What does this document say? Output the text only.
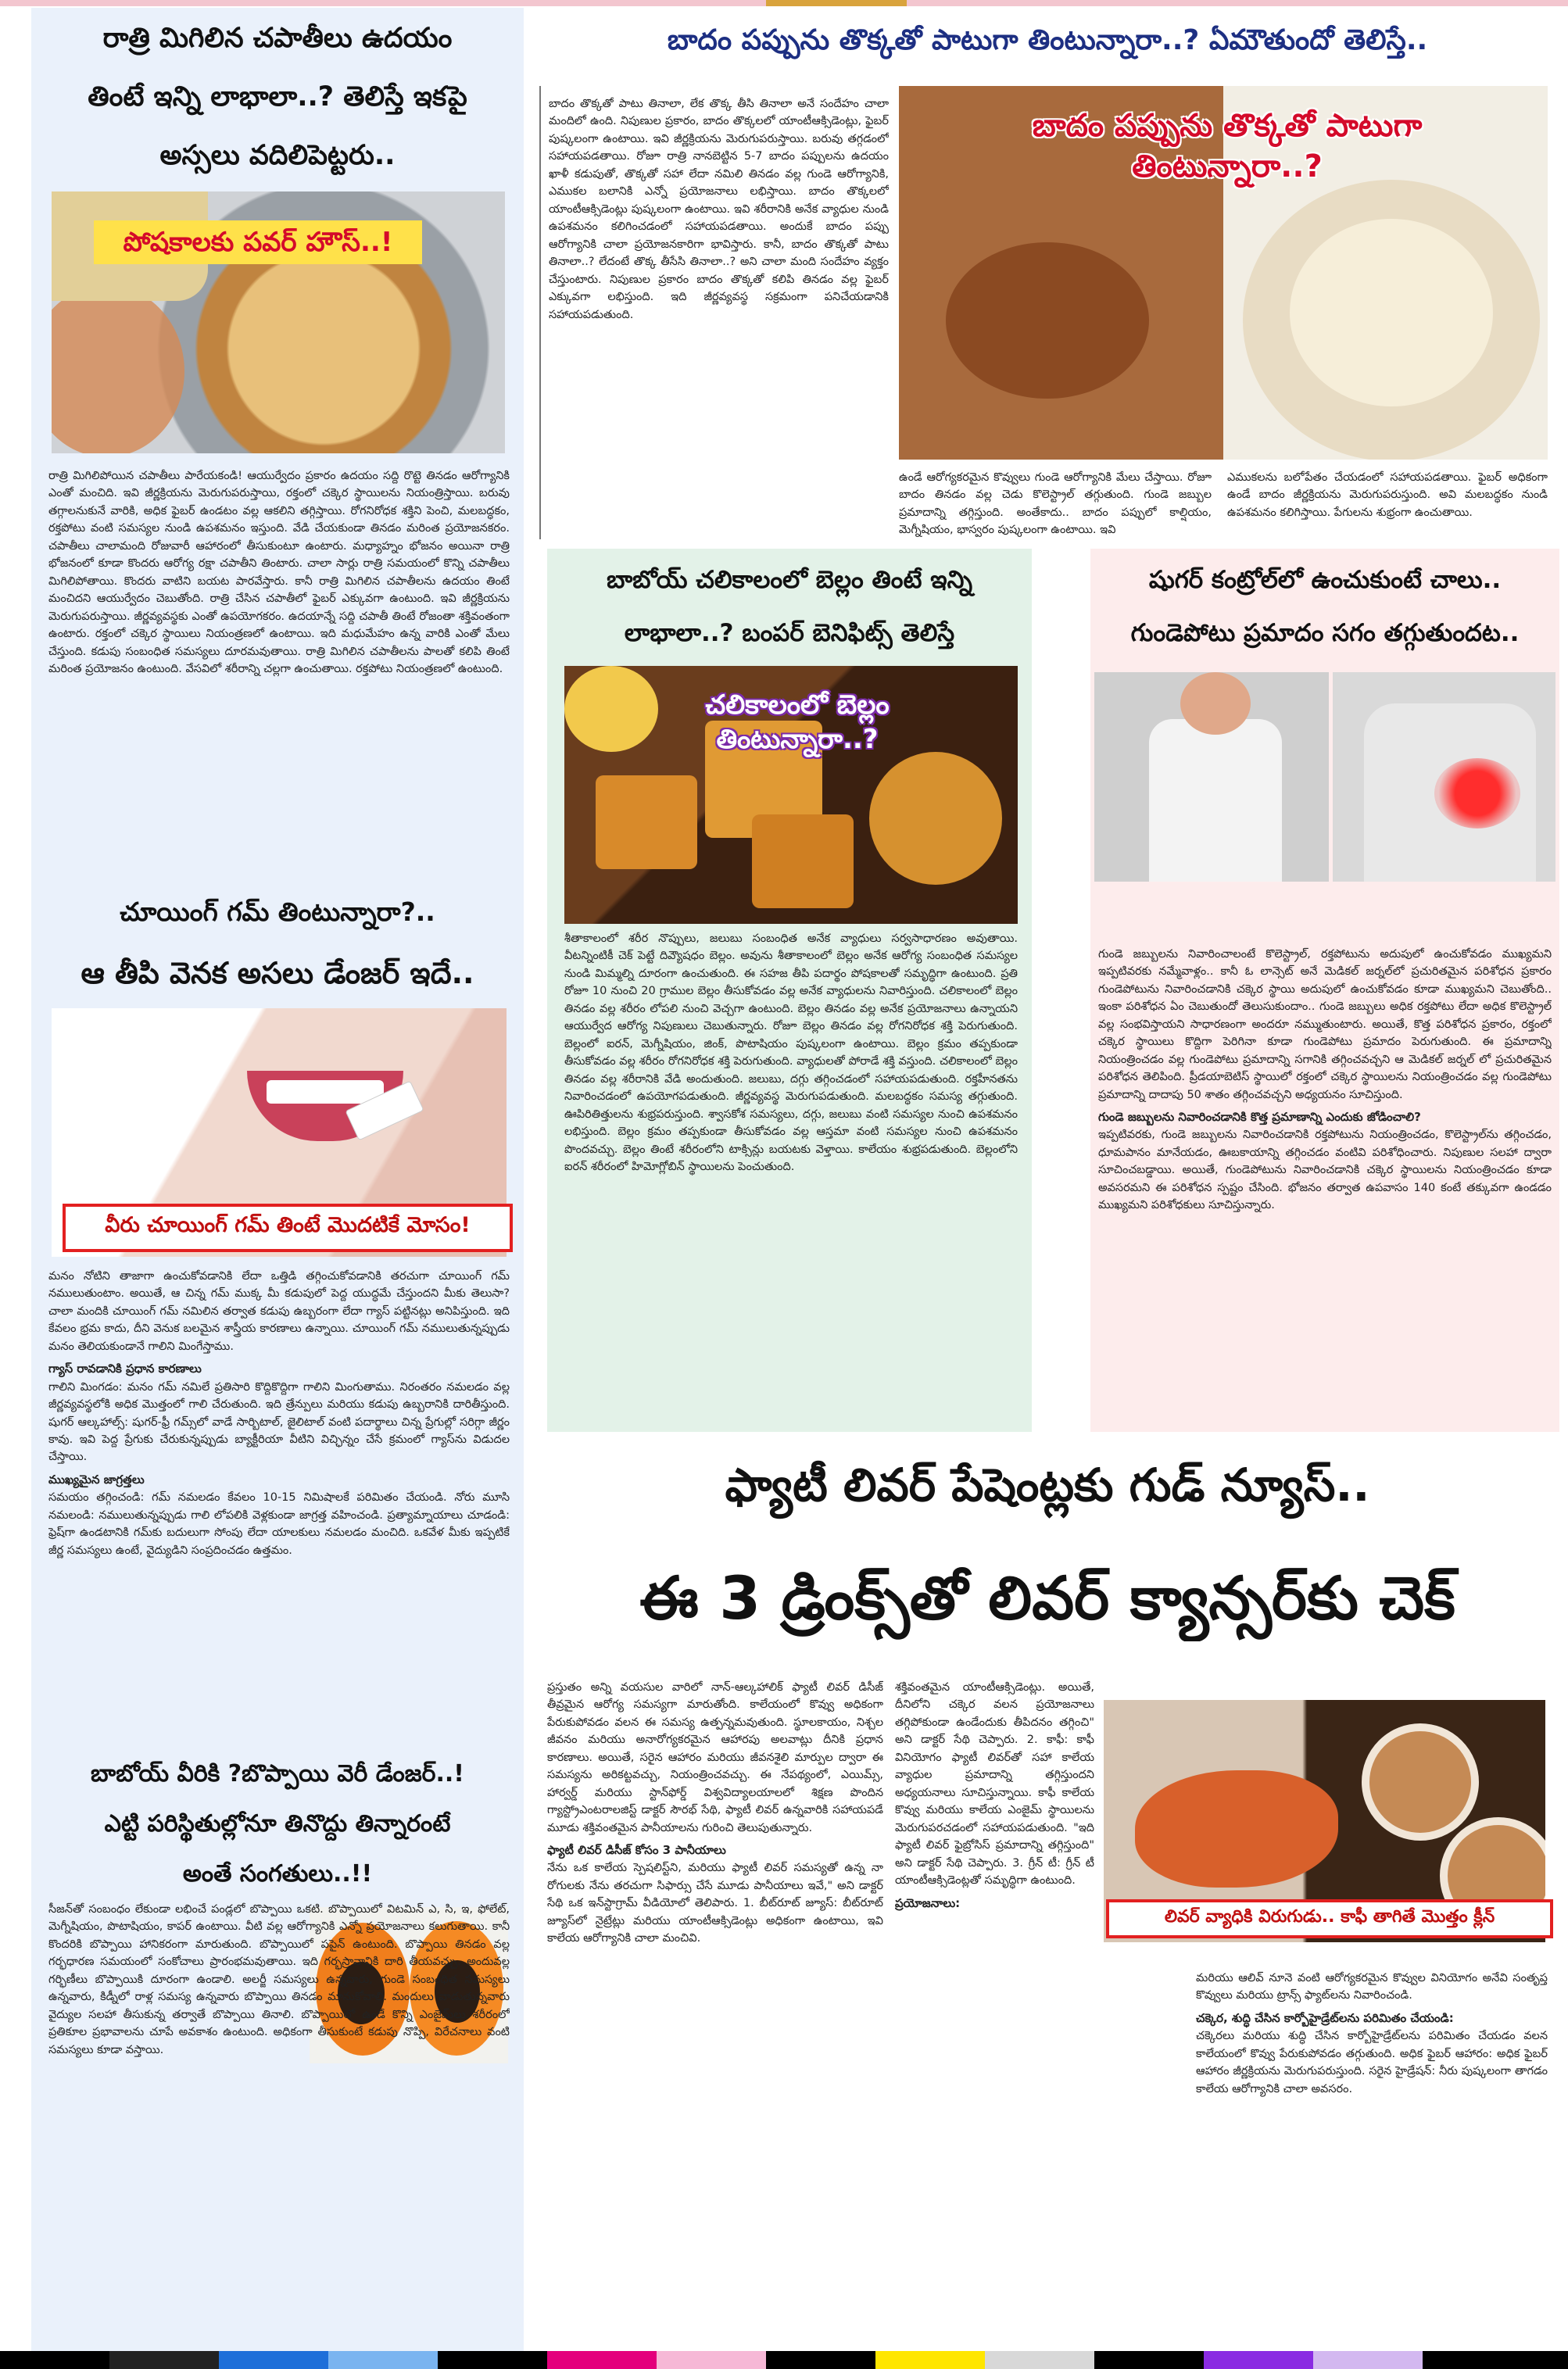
రాత్రి మిగిలిన చపాతీలు ఉదయం
తింటే ఇన్ని లాభాలా..? తెలిస్తే ఇకపై
అస్సలు వదిలిపెట్టరు..
పోషకాలకు పవర్ హౌస్..!
రాత్రి మిగిలిపోయిన చపాతీలు పారేయకండి! ఆయుర్వేదం ప్రకారం ఉదయం సద్ది రొట్టె తినడం ఆరోగ్యానికి ఎంతో మంచిది. ఇవి జీర్ణక్రియను మెరుగుపరుస్తాయి, రక్తంలో చక్కెర స్థాయిలను నియంత్రిస్తాయి. బరువు తగ్గాలనుకునే వారికి, అధిక ఫైబర్ ఉండటం వల్ల ఆకలిని తగ్గిస్తాయి. రోగనిరోధక శక్తిని పెంచి, మలబద్ధకం, రక్తపోటు వంటి సమస్యల నుండి ఉపశమనం ఇస్తుంది. వేడి చేయకుండా తినడం మరింత ప్రయోజనకరం. చపాతీలు చాలామంది రోజువారీ ఆహారంలో తీసుకుంటూ ఉంటారు. మధ్యాహ్నం భోజనం అయినా రాత్రి భోజనంలో కూడా కొందరు ఆరోగ్య రక్షా చపాతీని తింటారు. చాలా సార్లు రాత్రి సమయంలో కొన్ని చపాతీలు మిగిలిపోతాయి. కొందరు వాటిని బయట పారవేస్తారు. కానీ రాత్రి మిగిలిన చపాతీలను ఉదయం తింటే మంచిదని ఆయుర్వేదం చెబుతోంది. రాత్రి చేసిన చపాతీలో ఫైబర్ ఎక్కువగా ఉంటుంది. ఇవి జీర్ణక్రియను మెరుగుపరుస్తాయి. జీర్ణవ్యవస్థకు ఎంతో ఉపయోగకరం. ఉదయాన్నే సద్ది చపాతీ తింటే రోజంతా శక్తివంతంగా ఉంటారు. రక్తంలో చక్కెర స్థాయిలు నియంత్రణలో ఉంటాయి. ఇది మధుమేహం ఉన్న వారికి ఎంతో మేలు చేస్తుంది. కడుపు సంబంధిత సమస్యలు దూరమవుతాయి. రాత్రి మిగిలిన చపాతీలను పాలతో కలిపి తింటే మరింత ప్రయోజనం ఉంటుంది. వేసవిలో శరీరాన్ని చల్లగా ఉంచుతాయి. రక్తపోటు నియంత్రణలో ఉంటుంది.
చూయింగ్ గమ్ తింటున్నారా?..
ఆ తీపి వెనక అసలు డేంజర్ ఇదే..
వీరు చూయింగ్ గమ్ తింటే మొదటికే మోసం!
మనం నోటిని తాజాగా ఉంచుకోవడానికి లేదా ఒత్తిడి తగ్గించుకోవడానికి తరచుగా చూయింగ్ గమ్ నములుతుంటాం. అయితే, ఆ చిన్న గమ్ ముక్క మీ కడుపులో పెద్ద యుద్ధమే చేస్తుందని మీకు తెలుసా? చాలా మందికి చూయింగ్ గమ్ నమిలిన తర్వాత కడుపు ఉబ్బరంగా లేదా గ్యాస్ పట్టినట్లు అనిపిస్తుంది. ఇది కేవలం భ్రమ కాదు, దీని వెనుక బలమైన శాస్త్రీయ కారణాలు ఉన్నాయి. చూయింగ్ గమ్ నములుతున్నప్పుడు మనం తెలియకుండానే గాలిని మింగేస్తాము.
గ్యాస్ రావడానికి ప్రధాన కారణాలు
గాలిని మింగడం: మనం గమ్ నమిలే ప్రతిసారి కొద్దికొద్దిగా గాలిని మింగుతాము. నిరంతరం నమలడం వల్ల జీర్ణవ్యవస్థలోకి అధిక మొత్తంలో గాలి చేరుతుంది. ఇది త్రేన్పులు మరియు కడుపు ఉబ్బరానికి దారితీస్తుంది. షుగర్ ఆల్కహాల్స్: షుగర్-ఫ్రీ గమ్స్‌లో వాడే సార్బిటాల్, జైలిటాల్ వంటి పదార్థాలు చిన్న ప్రేగుల్లో సరిగ్గా జీర్ణం కావు. ఇవి పెద్ద ప్రేగుకు చేరుకున్నప్పుడు బ్యాక్టీరియా వీటిని విచ్ఛిన్నం చేసే క్రమంలో గ్యాస్‌ను విడుదల చేస్తాయి.
ముఖ్యమైన జాగ్రత్తలు
సమయం తగ్గించండి: గమ్ నమలడం కేవలం 10-15 నిమిషాలకే పరిమితం చేయండి. నోరు మూసి నమలండి: నములుతున్నప్పుడు గాలి లోపలికి వెళ్లకుండా జాగ్రత్త వహించండి. ప్రత్యామ్నాయాలు చూడండి: ఫ్రెష్‌గా ఉండటానికి గమ్‌కు బదులుగా సోంపు లేదా యాలకులు నమలడం మంచిది. ఒకవేళ మీకు ఇప్పటికే జీర్ణ సమస్యలు ఉంటే, వైద్యుడిని సంప్రదించడం ఉత్తమం.
బాబోయ్ వీరికి ?బొప్పాయి వెరీ డేంజర్..!
ఎట్టి పరిస్థితుల్లోనూ తినొద్దు తిన్నారంటే
అంతే సంగతులు..!!
సీజన్‌తో సంబంధం లేకుండా లభించే పండ్లలో బొప్పాయి ఒకటి. బొప్పాయిలో విటమిన్ ఎ, సి, ఇ, ఫోలేట్, మెగ్నీషియం, పొటాషియం, కాపర్ ఉంటాయి. వీటి వల్ల ఆరోగ్యానికి ఎన్నో ప్రయోజనాలు కలుగుతాయి. కానీ కొందరికి బొప్పాయి హానికరంగా మారుతుంది. బొప్పాయిలో పపైన్ ఉంటుంది. బొప్పాయి తినడం వల్ల గర్భధారణ సమయంలో సంకోచాలు ప్రారంభమవుతాయి. ఇది గర్భస్రావానికి దారి తీయవచ్చు. అందువల్ల గర్భిణీలు బొప్పాయికి దూరంగా ఉండాలి. అలర్జీ సమస్యలు ఉన్నవారు, గుండె సంబంధిత సమస్యలు ఉన్నవారు, కిడ్నీలో రాళ్ల సమస్య ఉన్నవారు బొప్పాయి తినడం మానుకోవాలి. మందులు వాడుతున్నవారు వైద్యుల సలహా తీసుకున్న తర్వాతే బొప్పాయి తినాలి. బొప్పాయిలో ఉండే కొన్ని ఎంజైమ్‌లు శరీరంలో ప్రతికూల ప్రభావాలను చూపే అవకాశం ఉంటుంది. అధికంగా తీసుకుంటే కడుపు నొప్పి, విరేచనాలు వంటి సమస్యలు కూడా వస్తాయి.
బాదం పప్పును తొక్కతో పాటుగా తింటున్నారా..? ఏమౌతుందో తెలిస్తే..
బాదం తొక్కతో పాటు తినాలా, లేక తొక్క తీసి తినాలా అనే సందేహం చాలా మందిలో ఉంది. నిపుణుల ప్రకారం, బాదం తొక్కలలో యాంటీఆక్సిడెంట్లు, ఫైబర్ పుష్కలంగా ఉంటాయి. ఇవి జీర్ణక్రియను మెరుగుపరుస్తాయి. బరువు తగ్గడంలో సహాయపడతాయి. రోజూ రాత్రి నానబెట్టిన 5-7 బాదం పప్పులను ఉదయం ఖాళీ కడుపుతో, తొక్కతో సహా లేదా నమిలి తినడం వల్ల గుండె ఆరోగ్యానికి, ఎముకల బలానికి ఎన్నో ప్రయోజనాలు లభిస్తాయి. బాదం తొక్కలలో యాంటీఆక్సిడెంట్లు పుష్కలంగా ఉంటాయి. ఇవి శరీరానికి అనేక వ్యాధుల నుండి ఉపశమనం కలిగించడంలో సహాయపడతాయి. అందుకే బాదం పప్పు ఆరోగ్యానికి చాలా ప్రయోజనకారిగా భావిస్తారు. కానీ, బాదం తొక్కతో పాటు తినాలా..? లేదంటే తొక్క తీసేసి తినాలా..? అని చాలా మంది సందేహం వ్యక్తం చేస్తుంటారు. నిపుణుల ప్రకారం బాదం తొక్కతో కలిపి తినడం వల్ల ఫైబర్ ఎక్కువగా లభిస్తుంది. ఇది జీర్ణవ్యవస్థ సక్రమంగా పనిచేయడానికి సహాయపడుతుంది.
బాదం పప్పును తొక్కతో పాటుగా
తింటున్నారా..?
ఉండే ఆరోగ్యకరమైన కొవ్వులు గుండె ఆరోగ్యానికి మేలు చేస్తాయి. రోజూ బాదం తినడం వల్ల చెడు కొలెస్ట్రాల్ తగ్గుతుంది. గుండె జబ్బుల ప్రమాదాన్ని తగ్గిస్తుంది. అంతేకాదు.. బాదం పప్పులో కాల్షియం, మెగ్నీషియం, భాస్వరం పుష్కలంగా ఉంటాయి. ఇవి
ఎముకలను బలోపేతం చేయడంలో సహాయపడతాయి. ఫైబర్ అధికంగా ఉండే బాదం జీర్ణక్రియను మెరుగుపరుస్తుంది. అవి మలబద్ధకం నుండి ఉపశమనం కలిగిస్తాయి. పేగులను శుభ్రంగా ఉంచుతాయి.
బాబోయ్ చలికాలంలో బెల్లం తింటే ఇన్ని
లాభాలా..? బంపర్ బెనిఫిట్స్ తెలిస్తే
చలికాలంలో బెల్లం
తింటున్నారా..?
శీతాకాలంలో శరీర నొప్పులు, జలుబు సంబంధిత అనేక వ్యాధులు సర్వసాధారణం అవుతాయి. వీటన్నింటికీ చెక్ పెట్టే దివ్యౌషధం బెల్లం. అవును శీతాకాలంలో బెల్లం అనేక ఆరోగ్య సంబంధిత సమస్యల నుండి మిమ్మల్ని దూరంగా ఉంచుతుంది. ఈ సహజ తీపి పదార్థం పోషకాలతో సమృద్ధిగా ఉంటుంది. ప్రతి రోజూ 10 నుంచి 20 గ్రాముల బెల్లం తీసుకోవడం వల్ల అనేక వ్యాధులను నివారిస్తుంది. చలికాలంలో బెల్లం తినడం వల్ల శరీరం లోపలి నుంచి వెచ్చగా ఉంటుంది. బెల్లం తినడం వల్ల అనేక ప్రయోజనాలు ఉన్నాయని ఆయుర్వేద ఆరోగ్య నిపుణులు చెబుతున్నారు. రోజూ బెల్లం తినడం వల్ల రోగనిరోధక శక్తి పెరుగుతుంది. బెల్లంలో ఐరన్, మెగ్నీషియం, జింక్, పొటాషియం పుష్కలంగా ఉంటాయి. బెల్లం క్రమం తప్పకుండా తీసుకోవడం వల్ల శరీరం రోగనిరోధక శక్తి పెరుగుతుంది. వ్యాధులతో పోరాడే శక్తి వస్తుంది. చలికాలంలో బెల్లం తినడం వల్ల శరీరానికి వేడి అందుతుంది. జలుబు, దగ్గు తగ్గించడంలో సహాయపడుతుంది. రక్తహీనతను నివారించడంలో ఉపయోగపడుతుంది. జీర్ణవ్యవస్థ మెరుగుపడుతుంది. మలబద్ధకం సమస్య తగ్గుతుంది. ఊపిరితిత్తులను శుభ్రపరుస్తుంది. శ్వాసకోశ సమస్యలు, దగ్గు, జలుబు వంటి సమస్యల నుంచి ఉపశమనం లభిస్తుంది. బెల్లం క్రమం తప్పకుండా తీసుకోవడం వల్ల ఆస్తమా వంటి సమస్యల నుంచి ఉపశమనం పొందవచ్చు. బెల్లం తింటే శరీరంలోని టాక్సిన్లు బయటకు వెళ్తాయి. కాలేయం శుభ్రపడుతుంది. బెల్లంలోని ఐరన్ శరీరంలో హిమోగ్లోబిన్ స్థాయిలను పెంచుతుంది.
షుగర్ కంట్రోల్‌లో ఉంచుకుంటే చాలు..
గుండెపోటు ప్రమాదం సగం తగ్గుతుందట..
గుండె జబ్బులను నివారించాలంటే కొలెస్ట్రాల్, రక్తపోటును అదుపులో ఉంచుకోవడం ముఖ్యమని ఇప్పటివరకు నమ్మేవాళ్లం.. కానీ ఓ లాన్సెట్ అనే మెడికల్ జర్నల్‌లో ప్రచురితమైన పరిశోధన ప్రకారం గుండెపోటును నివారించడానికి చక్కెర స్థాయి అదుపులో ఉంచుకోవడం కూడా ముఖ్యమని చెబుతోంది.. ఇంకా పరిశోధన ఏం చెబుతుందో తెలుసుకుందాం.. గుండె జబ్బులు అధిక రక్తపోటు లేదా అధిక కొలెస్ట్రాల్ వల్ల సంభవిస్తాయని సాధారణంగా అందరూ నమ్ముతుంటారు. అయితే, కొత్త పరిశోధన ప్రకారం, రక్తంలో చక్కెర స్థాయిలు కొద్దిగా పెరిగినా కూడా గుండెపోటు ప్రమాదం పెరుగుతుంది. ఈ ప్రమాదాన్ని నియంత్రించడం వల్ల గుండెపోటు ప్రమాదాన్ని సగానికి తగ్గించవచ్చని ఆ మెడికల్ జర్నల్ లో ప్రచురితమైన పరిశోధన తెలిపింది. ప్రీడయాబెటిస్ స్థాయిలో రక్తంలో చక్కెర స్థాయిలను నియంత్రించడం వల్ల గుండెపోటు ప్రమాదాన్ని దాదాపు 50 శాతం తగ్గించవచ్చని అధ్యయనం సూచిస్తుంది.
గుండె జబ్బులను నివారించడానికి కొత్త ప్రమాణాన్ని ఎందుకు జోడించాలి?
ఇప్పటివరకు, గుండె జబ్బులను నివారించడానికి రక్తపోటును నియంత్రించడం, కొలెస్ట్రాల్‌ను తగ్గించడం, ధూమపానం మానేయడం, ఊబకాయాన్ని తగ్గించడం వంటివి పరిశోధించారు. నిపుణుల సలహా ద్వారా సూచించబడ్డాయి. అయితే, గుండెపోటును నివారించడానికి చక్కెర స్థాయిలను నియంత్రించడం కూడా అవసరమని ఈ పరిశోధన స్పష్టం చేసింది. భోజనం తర్వాత ఉపవాసం 140 కంటే తక్కువగా ఉండడం ముఖ్యమని పరిశోధకులు సూచిస్తున్నారు.
ఫ్యాటీ లివర్ పేషెంట్లకు గుడ్ న్యూస్..
ఈ 3 డ్రింక్స్‌తో లివర్ క్యాన్సర్‌కు చెక్
ప్రస్తుతం అన్ని వయసుల వారిలో నాన్-ఆల్కహాలిక్ ఫ్యాటీ లివర్ డిసీజ్ తీవ్రమైన ఆరోగ్య సమస్యగా మారుతోంది. కాలేయంలో కొవ్వు అధికంగా పేరుకుపోవడం వలన ఈ సమస్య ఉత్పన్నమవుతుంది. స్థూలకాయం, నిశ్చల జీవనం మరియు అనారోగ్యకరమైన ఆహారపు అలవాట్లు దీనికి ప్రధాన కారణాలు. అయితే, సరైన ఆహారం మరియు జీవనశైలి మార్పుల ద్వారా ఈ సమస్యను అరికట్టవచ్చు, నియంత్రించవచ్చు. ఈ నేపథ్యంలో, ఎయిమ్స్, హార్వర్డ్ మరియు స్టాన్‌ఫోర్డ్ విశ్వవిద్యాలయాలలో శిక్షణ పొందిన గ్యాస్ట్రోఎంటరాలజిస్ట్ డాక్టర్ సౌరభ్ సేథి, ఫ్యాటీ లివర్ ఉన్నవారికి సహాయపడే మూడు శక్తివంతమైన పానీయాలను గురించి తెలుపుతున్నారు.
ఫ్యాటీ లివర్ డిసీజ్ కోసం 3 పానీయాలు
నేను ఒక కాలేయ స్పెషలిస్ట్‌ని, మరియు ఫ్యాటీ లివర్ సమస్యతో ఉన్న నా రోగులకు నేను తరచుగా సిఫార్సు చేసే మూడు పానీయాలు ఇవే," అని డాక్టర్ సేథి ఒక ఇన్‌స్టాగ్రామ్ వీడియోలో తెలిపారు. 1. బీట్‌రూట్ జ్యూస్: బీట్‌రూట్ జ్యూస్‌లో నైట్రేట్లు మరియు యాంటీఆక్సిడెంట్లు అధికంగా ఉంటాయి, ఇవి కాలేయ ఆరోగ్యానికి చాలా మంచివి.
శక్తివంతమైన యాంటీఆక్సిడెంట్లు. అయితే, దీనిలోని చక్కెర వలన ప్రయోజనాలు తగ్గిపోకుండా ఉండేందుకు తీపిదనం తగ్గించి" అని డాక్టర్ సేథి చెప్పారు. 2. కాఫీ: కాఫీ వినియోగం ఫ్యాటీ లివర్‌తో సహా కాలేయ వ్యాధుల ప్రమాదాన్ని తగ్గిస్తుందని అధ్యయనాలు సూచిస్తున్నాయి. కాఫీ కాలేయ కొవ్వు మరియు కాలేయ ఎంజైమ్ స్థాయిలను మెరుగుపరచడంలో సహాయపడుతుంది. "ఇది ఫ్యాటీ లివర్ ఫైబ్రోసిస్ ప్రమాదాన్ని తగ్గిస్తుంది" అని డాక్టర్ సేథి చెప్పారు. 3. గ్రీన్ టీ: గ్రీన్ టీ యాంటీఆక్సిడెంట్లతో సమృద్ధిగా ఉంటుంది.
ప్రయోజనాలు:
లివర్ వ్యాధికి విరుగుడు.. కాఫీ తాగితే మొత్తం క్లీన్
మరియు ఆలివ్ నూనె వంటి ఆరోగ్యకరమైన కొవ్వుల వినియోగం అనేవి సంతృప్త కొవ్వులు మరియు ట్రాన్స్ ఫ్యాట్‌లను నివారించండి.
చక్కెర, శుద్ధి చేసిన కార్బోహైడ్రేట్‌లను పరిమితం చేయండి:
చక్కెరలు మరియు శుద్ధి చేసిన కార్బోహైడ్రేట్‌లను పరిమితం చేయడం వలన కాలేయంలో కొవ్వు పేరుకుపోవడం తగ్గుతుంది. అధిక ఫైబర్ ఆహారం: అధిక ఫైబర్ ఆహారం జీర్ణక్రియను మెరుగుపరుస్తుంది. సరైన హైడ్రేషన్: నీరు పుష్కలంగా తాగడం కాలేయ ఆరోగ్యానికి చాలా అవసరం.
